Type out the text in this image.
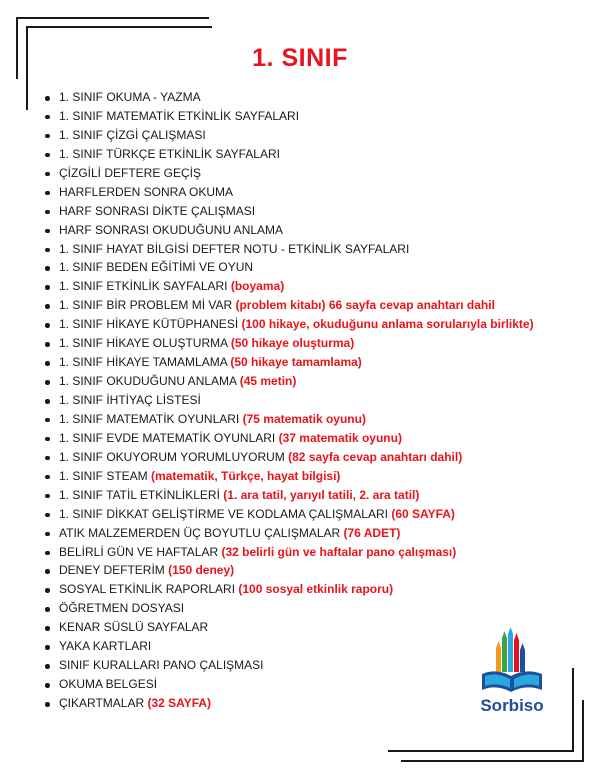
1. SINIF
1. SINIF OKUMA - YAZMA
1. SINIF MATEMATİK ETKİNLİK SAYFALARI
1. SINIF ÇİZGİ ÇALIŞMASI
1. SINIF TÜRKÇE ETKİNLİK SAYFALARI
ÇİZGİLİ DEFTERE GEÇİŞ
HARFLERDEN SONRA OKUMA
HARF SONRASI DİKTE ÇALIŞMASI
HARF SONRASI OKUDUĞUNU ANLAMA
1. SINIF HAYAT BİLGİSİ DEFTER NOTU - ETKİNLİK SAYFALARI
1. SINIF BEDEN EĞİTİMİ VE OYUN
1. SINIF ETKİNLİK SAYFALARI (boyama)
1. SINIF BİR PROBLEM Mİ VAR (problem kitabı) 66 sayfa cevap anahtarı dahil
1. SINIF HİKAYE KÜTÜPHANESİ (100 hikaye, okuduğunu anlama sorularıyla birlikte)
1. SINIF HİKAYE OLUŞTURMA (50 hikaye oluşturma)
1. SINIF HİKAYE TAMAMLAMA (50 hikaye tamamlama)
1. SINIF OKUDUĞUNU ANLAMA (45 metin)
1. SINIF İHTİYAÇ LİSTESİ
1. SINIF MATEMATİK OYUNLARI (75 matematik oyunu)
1. SINIF EVDE MATEMATİK OYUNLARI (37 matematik oyunu)
1. SINIF OKUYORUM YORUMLUYORUM (82 sayfa cevap anahtarı dahil)
1. SINIF STEAM (matematik, Türkçe, hayat bilgisi)
1. SINIF TATİL ETKİNLİKLERİ (1. ara tatil, yarıyıl tatili, 2. ara tatil)
1. SINIF DİKKAT GELİŞTİRME VE KODLAMA ÇALIŞMALARI (60 SAYFA)
ATIK MALZEMERDEN ÜÇ BOYUTLU ÇALIŞMALAR (76 ADET)
BELİRLİ GÜN VE HAFTALAR (32 belirli gün ve haftalar pano çalışması)
DENEY DEFTERİM (150 deney)
SOSYAL ETKİNLİK RAPORLARI (100 sosyal etkinlik raporu)
ÖĞRETMEN DOSYASI
KENAR SÜSLÜ SAYFALAR
YAKA KARTLARI
SINIF KURALLARI PANO ÇALIŞMASI
OKUMA BELGESİ
ÇIKARTMALAR (32 SAYFA)	Sorbiso
